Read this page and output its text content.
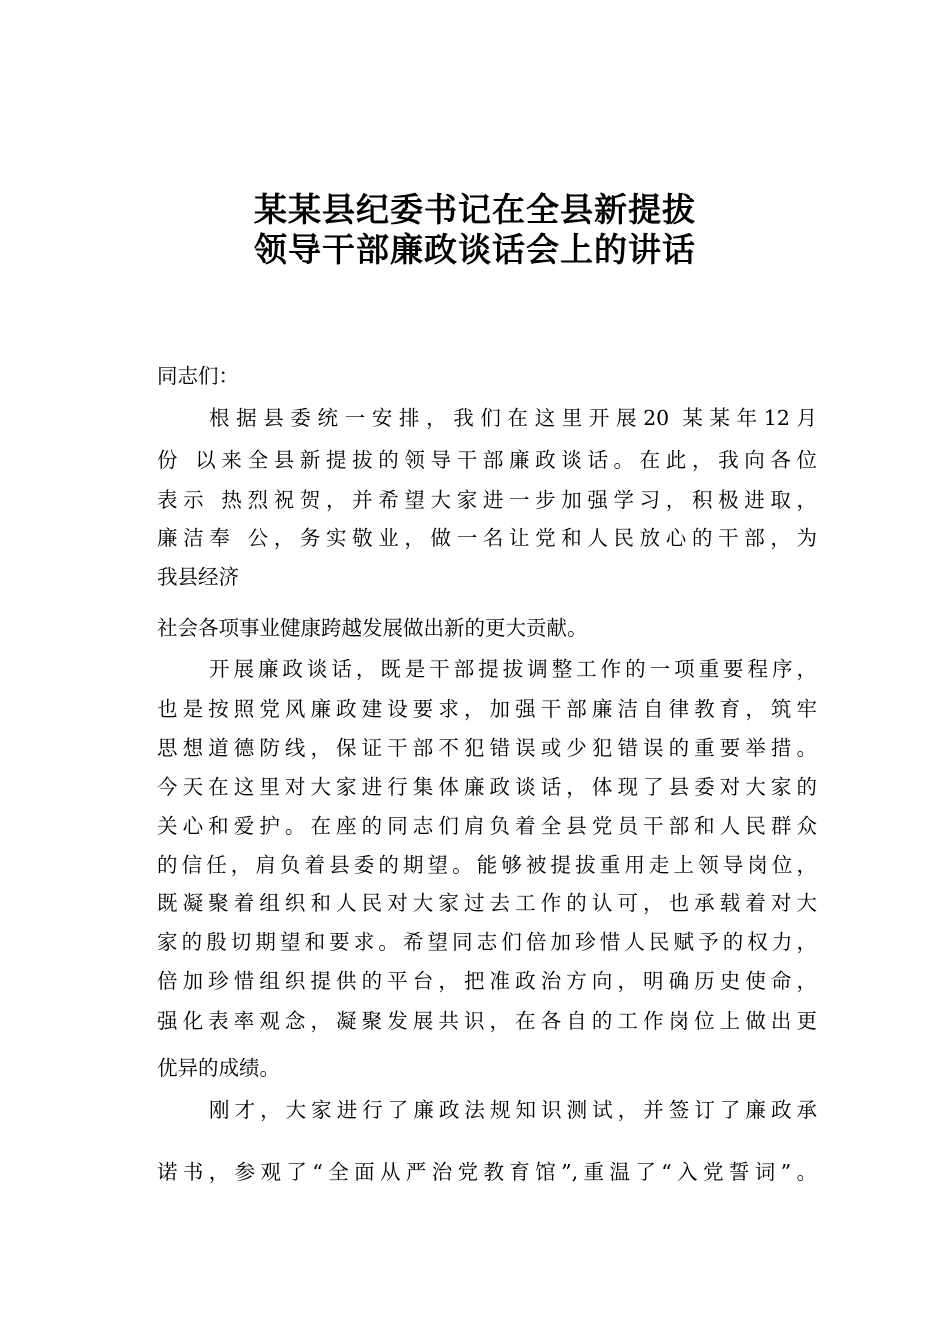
某某县纪委书记在全县新提拔
领导干部廉政谈话会上的讲话
同志们：
根据县委统一安排，我们在这里开展20 某某年12月
份 以来全县新提拔的领导干部廉政谈话。在此，我向各位
表示 热烈祝贺，并希望大家进一步加强学习，积极进取，
廉洁奉 公，务实敬业，做一名让党和人民放心的干部，为
我县经济
社会各项事业健康跨越发展做出新的更大贡献。
开展廉政谈话，既是干部提拔调整工作的一项重要程序，
也是按照党风廉政建设要求，加强干部廉洁自律教育，筑牢
思想道德防线，保证干部不犯错误或少犯错误的重要举措。
今天在这里对大家进行集体廉政谈话，体现了县委对大家的
关心和爱护。在座的同志们肩负着全县党员干部和人民群众
的信任，肩负着县委的期望。能够被提拔重用走上领导岗位，
既凝聚着组织和人民对大家过去工作的认可，也承载着对大
家的殷切期望和要求。希望同志们倍加珍惜人民赋予的权力，
倍加珍惜组织提供的平台，把准政治方向，明确历史使命，
强化表率观念，凝聚发展共识，在各自的工作岗位上做出更
优异的成绩。
刚才，大家进行了廉政法规知识测试，并签订了廉政承
诺书，参观了“全面从严治党教育馆”,重温了“入党誓词”。
